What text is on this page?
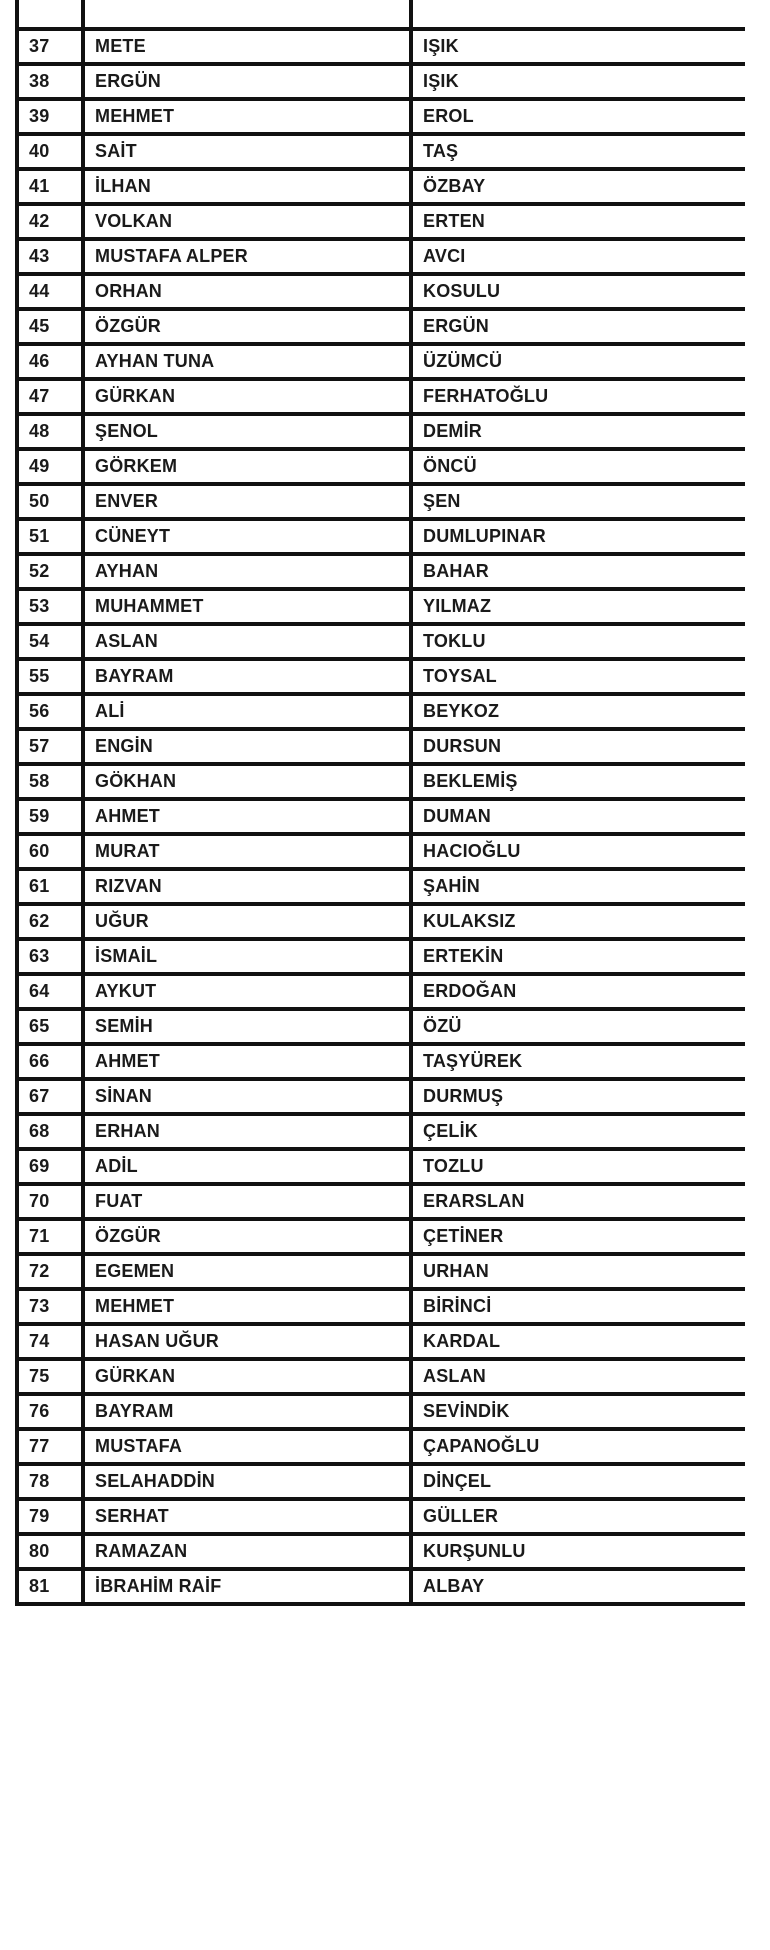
37	METE	IŞIK
38	ERGÜN	IŞIK
39	MEHMET	EROL
40	SAİT	TAŞ
41	İLHAN	ÖZBAY
42	VOLKAN	ERTEN
43	MUSTAFA ALPER	AVCI
44	ORHAN	KOSULU
45	ÖZGÜR	ERGÜN
46	AYHAN TUNA	ÜZÜMCÜ
47	GÜRKAN	FERHATOĞLU
48	ŞENOL	DEMİR
49	GÖRKEM	ÖNCÜ
50	ENVER	ŞEN
51	CÜNEYT	DUMLUPINAR
52	AYHAN	BAHAR
53	MUHAMMET	YILMAZ
54	ASLAN	TOKLU
55	BAYRAM	TOYSAL
56	ALİ	BEYKOZ
57	ENGİN	DURSUN
58	GÖKHAN	BEKLEMİŞ
59	AHMET	DUMAN
60	MURAT	HACIOĞLU
61	RIZVAN	ŞAHİN
62	UĞUR	KULAKSIZ
63	İSMAİL	ERTEKİN
64	AYKUT	ERDOĞAN
65	SEMİH	ÖZÜ
66	AHMET	TAŞYÜREK
67	SİNAN	DURMUŞ
68	ERHAN	ÇELİK
69	ADİL	TOZLU
70	FUAT	ERARSLAN
71	ÖZGÜR	ÇETİNER
72	EGEMEN	URHAN
73	MEHMET	BİRİNCİ
74	HASAN UĞUR	KARDAL
75	GÜRKAN	ASLAN
76	BAYRAM	SEVİNDİK
77	MUSTAFA	ÇAPANOĞLU
78	SELAHADDİN	DİNÇEL
79	SERHAT	GÜLLER
80	RAMAZAN	KURŞUNLU
81	İBRAHİM RAİF	ALBAY
